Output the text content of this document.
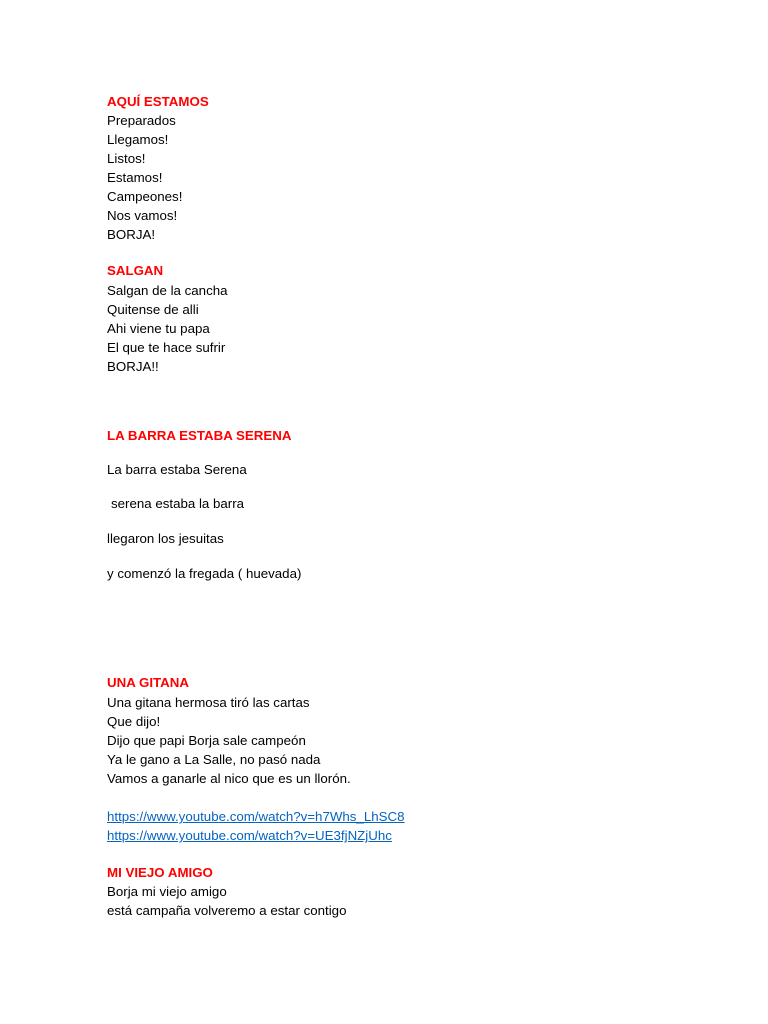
AQUÍ ESTAMOS
Preparados
Llegamos!
Listos!
Estamos!
Campeones!
Nos vamos!
BORJA!
SALGAN
Salgan de la cancha
Quitense de alli
Ahi viene tu papa
El que te hace sufrir
BORJA!!
LA BARRA ESTABA SERENA
La barra estaba Serena
serena estaba la barra
llegaron los jesuitas
y comenzó la fregada ( huevada)
UNA GITANA
Una gitana hermosa tiró las cartas
Que dijo!
Dijo que papi Borja sale campeón
Ya le gano a La Salle, no pasó nada
Vamos a ganarle al nico que es un llorón.
https://www.youtube.com/watch?v=h7Whs_LhSC8
https://www.youtube.com/watch?v=UE3fjNZjUhc
MI VIEJO AMIGO
Borja mi viejo amigo
está campaña volveremo a estar contigo
